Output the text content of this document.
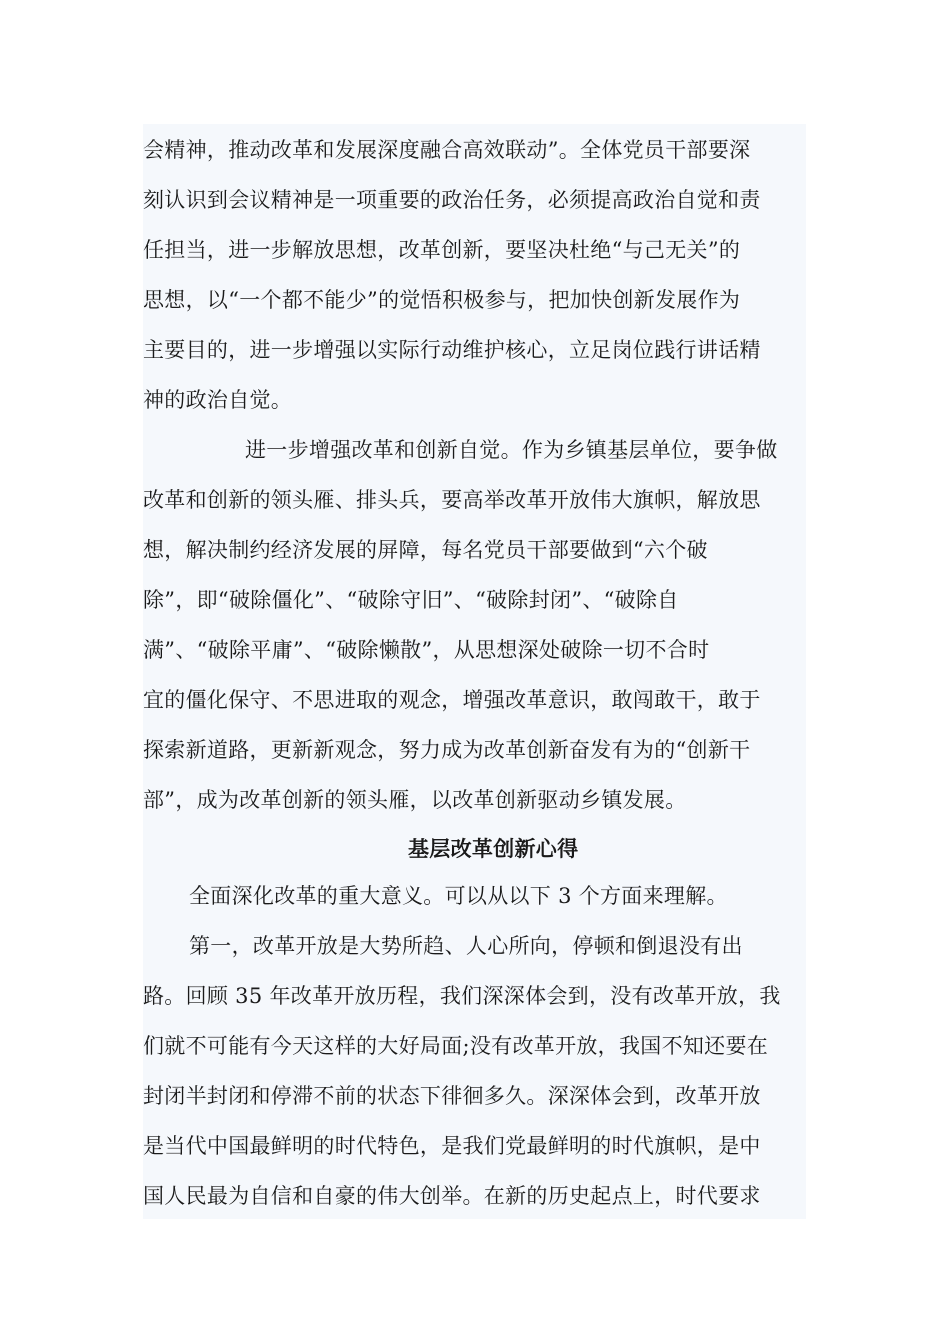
会精神，推动改革和发展深度融合高效联动”。全体党员干部要深
刻认识到会议精神是一项重要的政治任务，必须提高政治自觉和责
任担当，进一步解放思想，改革创新，要坚决杜绝“与己无关”的
思想，以“一个都不能少”的觉悟积极参与，把加快创新发展作为
主要目的，进一步增强以实际行动维护核心，立足岗位践行讲话精
神的政治自觉。
进一步增强改革和创新自觉。作为乡镇基层单位，要争做
改革和创新的领头雁、排头兵，要高举改革开放伟大旗帜，解放思
想，解决制约经济发展的屏障，每名党员干部要做到“六个破
除”，即“破除僵化”、“破除守旧”、“破除封闭”、“破除自
满”、“破除平庸”、“破除懒散”，从思想深处破除一切不合时
宜的僵化保守、不思进取的观念，增强改革意识，敢闯敢干，敢于
探索新道路，更新新观念，努力成为改革创新奋发有为的“创新干
部”，成为改革创新的领头雁，以改革创新驱动乡镇发展。
基层改革创新心得
全面深化改革的重大意义。可以从以下 3 个方面来理解。
第一，改革开放是大势所趋、人心所向，停顿和倒退没有出
路。回顾 35 年改革开放历程，我们深深体会到，没有改革开放，我
们就不可能有今天这样的大好局面;没有改革开放，我国不知还要在
封闭半封闭和停滞不前的状态下徘徊多久。深深体会到，改革开放
是当代中国最鲜明的时代特色，是我们党最鲜明的时代旗帜，是中
国人民最为自信和自豪的伟大创举。在新的历史起点上，时代要求
